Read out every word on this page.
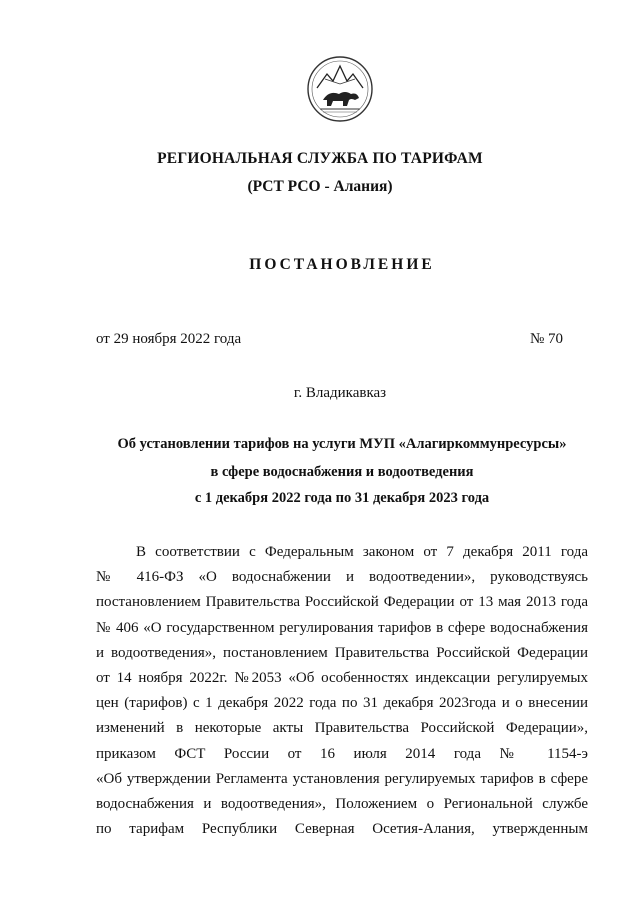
РЕГИОНАЛЬНАЯ СЛУЖБА ПО ТАРИФАМ
(РСТ РСО - Алания)
ПОСТАНОВЛЕНИЕ
от 29 ноября 2022 года	№ 70
г. Владикавказ
Об установлении тарифов на услуги МУП «Алагиркоммунресурсы»
в сфере водоснабжения и водоотведения
с 1 декабря 2022 года по 31 декабря 2023 года
В соответствии с Федеральным законом от 7 декабря 2011 года
№ 416-ФЗ «О водоснабжении и водоотведении», руководствуясь
постановлением Правительства Российской Федерации от 13 мая 2013 года
№ 406 «О государственном регулирования тарифов в сфере водоснабжения
и водоотведения», постановлением Правительства Российской Федерации
от 14 ноября 2022г. №2053 «Об особенностях индексации регулируемых
цен (тарифов) с 1 декабря 2022 года по 31 декабря 2023года и о внесении
изменений в некоторые акты Правительства Российской Федерации»,
приказом ФСТ России от 16 июля 2014 года № 1154-э
«Об утверждении Регламента установления регулируемых тарифов в сфере
водоснабжения и водоотведения», Положением о Региональной службе
по тарифам Республики Северная Осетия-Алания, утвержденным
